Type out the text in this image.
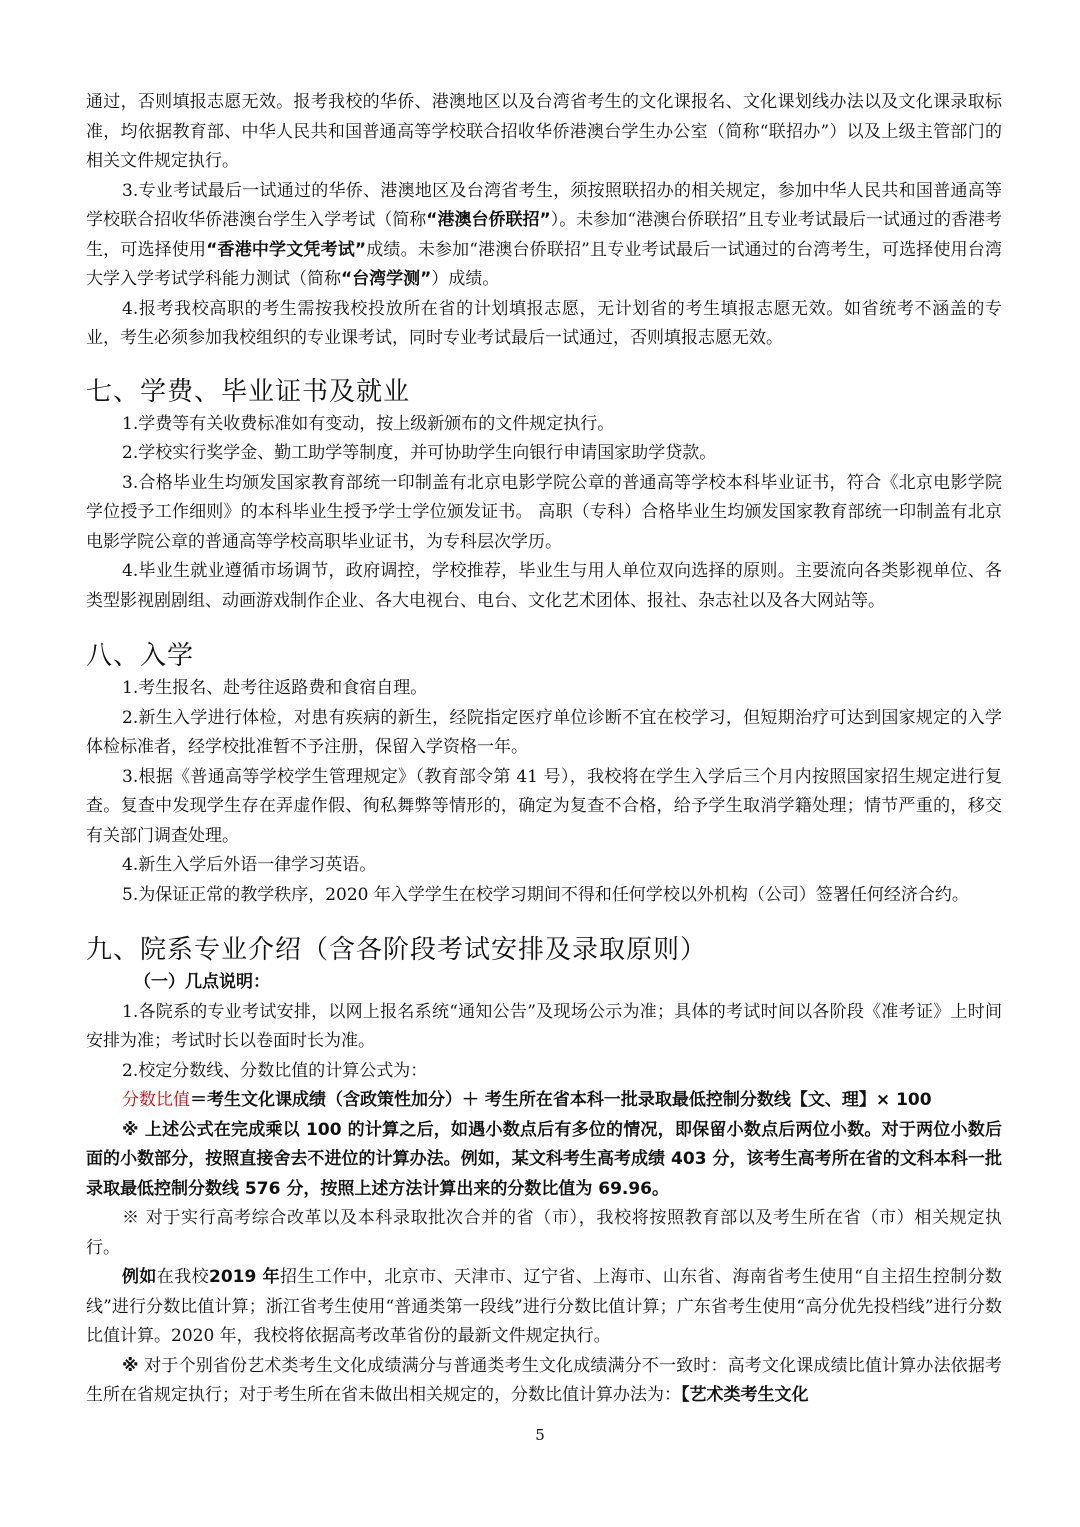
通过，否则填报志愿无效。报考我校的华侨、港澳地区以及台湾省考生的文化课报名、文化课划线办法以及文化课录取标准，均依据教育部、中华人民共和国普通高等学校联合招收华侨港澳台学生办公室（简称“联招办”）以及上级主管部门的相关文件规定执行。

3.专业考试最后一试通过的华侨、港澳地区及台湾省考生，须按照联招办的相关规定，参加中华人民共和国普通高等学校联合招收华侨港澳台学生入学考试（简称“港澳台侨联招”）。未参加“港澳台侨联招”且专业考试最后一试通过的香港考生，可选择使用“香港中学文凭考试”成绩。未参加“港澳台侨联招”且专业考试最后一试通过的台湾考生，可选择使用台湾大学入学考试学科能力测试（简称“台湾学测”）成绩。

4.报考我校高职的考生需按我校投放所在省的计划填报志愿，无计划省的考生填报志愿无效。如省统考不涵盖的专业，考生必须参加我校组织的专业课考试，同时专业考试最后一试通过，否则填报志愿无效。

七、学费、毕业证书及就业

1.学费等有关收费标准如有变动，按上级新颁布的文件规定执行。

2.学校实行奖学金、勤工助学等制度，并可协助学生向银行申请国家助学贷款。

3.合格毕业生均颁发国家教育部统一印制盖有北京电影学院公章的普通高等学校本科毕业证书，符合《北京电影学院学位授予工作细则》的本科毕业生授予学士学位颁发证书。 高职（专科）合格毕业生均颁发国家教育部统一印制盖有北京电影学院公章的普通高等学校高职毕业证书，为专科层次学历。

4.毕业生就业遵循市场调节，政府调控，学校推荐，毕业生与用人单位双向选择的原则。主要流向各类影视单位、各类型影视剧剧组、动画游戏制作企业、各大电视台、电台、文化艺术团体、报社、杂志社以及各大网站等。

八、入学

1.考生报名、赴考往返路费和食宿自理。

2.新生入学进行体检，对患有疾病的新生，经院指定医疗单位诊断不宜在校学习，但短期治疗可达到国家规定的入学体检标准者，经学校批准暂不予注册，保留入学资格一年。

3.根据《普通高等学校学生管理规定》（教育部令第 41 号），我校将在学生入学后三个月内按照国家招生规定进行复查。复查中发现学生存在弄虚作假、徇私舞弊等情形的，确定为复查不合格，给予学生取消学籍处理；情节严重的，移交有关部门调查处理。

4.新生入学后外语一律学习英语。

5.为保证正常的教学秩序，2020 年入学学生在校学习期间不得和任何学校以外机构（公司）签署任何经济合约。

九、院系专业介绍（含各阶段考试安排及录取原则）

（一）几点说明：

1.各院系的专业考试安排，以网上报名系统“通知公告”及现场公示为准；具体的考试时间以各阶段《准考证》上时间安排为准；考试时长以卷面时长为准。

2.校定分数线、分数比值的计算公式为：

分数比值＝考生文化课成绩（含政策性加分）＋ 考生所在省本科一批录取最低控制分数线【文、理】× 100

※ 上述公式在完成乘以 100 的计算之后，如遇小数点后有多位的情况，即保留小数点后两位小数。对于两位小数后面的小数部分，按照直接舍去不进位的计算办法。例如，某文科考生高考成绩 403 分，该考生高考所在省的文科本科一批录取最低控制分数线 576 分，按照上述方法计算出来的分数比值为 69.96。

※ 对于实行高考综合改革以及本科录取批次合并的省（市），我校将按照教育部以及考生所在省（市）相关规定执行。

例如在我校2019 年招生工作中，北京市、天津市、辽宁省、上海市、山东省、海南省考生使用“自主招生控制分数线”进行分数比值计算；浙江省考生使用“普通类第一段线”进行分数比值计算；广东省考生使用“高分优先投档线”进行分数比值计算。2020 年，我校将依据高考改革省份的最新文件规定执行。

※ 对于个别省份艺术类考生文化成绩满分与普通类考生文化成绩满分不一致时：高考文化课成绩比值计算办法依据考生所在省规定执行；对于考生所在省未做出相关规定的，分数比值计算办法为：【艺术类考生文化

5
